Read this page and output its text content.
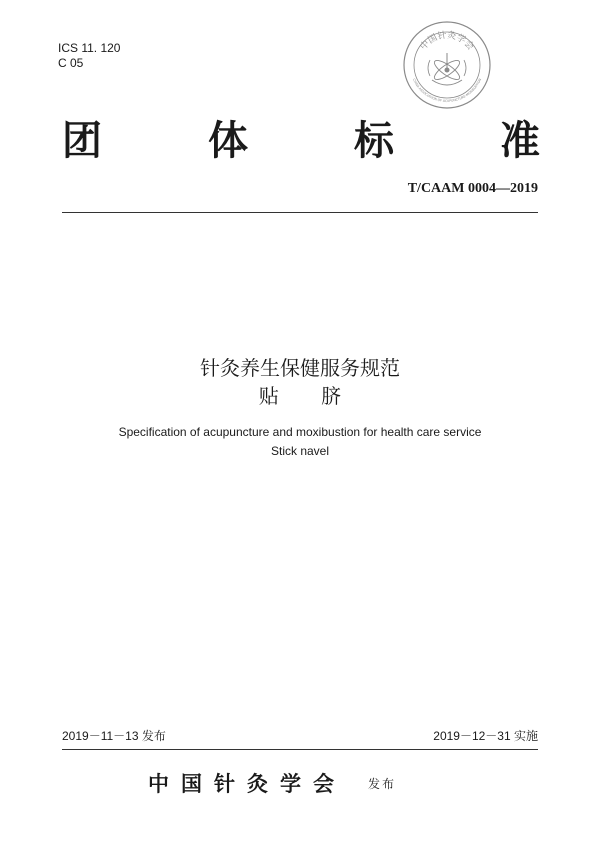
ICS 11. 120
C 05
中国针灸学会
CHINA ASSOCIATION OF ACUPUNCTURE-MOXIBUSTION
团	体	标	准
T/CAAM 0004—2019
针灸养生保健服务规范
贴 脐
Specification of acupuncture and moxibustion for health care service
Stick navel
2019－11－13 发布	2019－12－31 实施
中国针灸学会 发布
